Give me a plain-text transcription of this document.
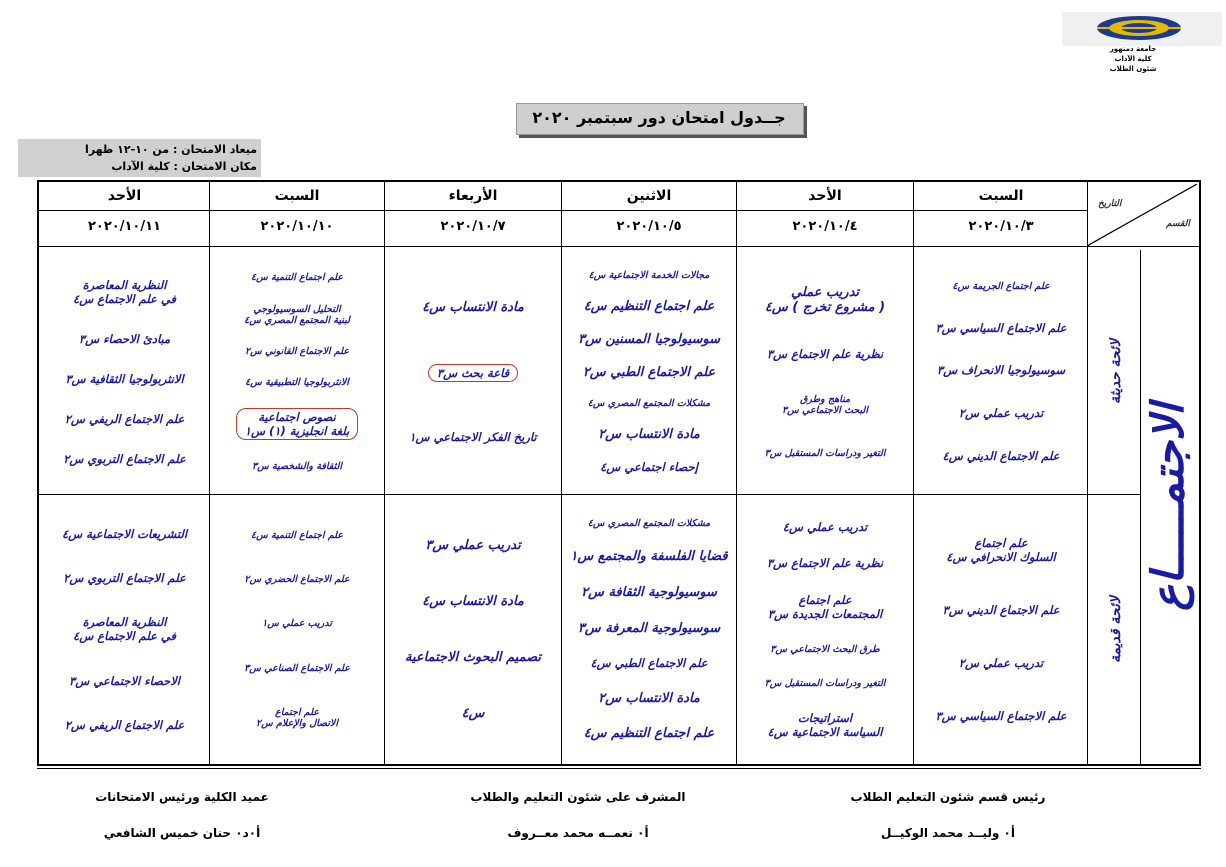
جامعة دمنهور
كلية الآداب
شئون الطلاب
جــدول امتحان دور سبتمبر ٢٠٢٠
ميعاد الامتحان : من ١٠-١٢ ظهرا
مكان الامتحان : كلية الآداب
التاريخ
القسم
الاجتمـــــاع
لائحة حديثة
لائحة قديمة
السبت
٢٠٢٠/١٠/٣
علم اجتماع الجريمة س٤
علم الاجتماع السياسي س٣
سوسيولوجيا الانحراف س٣
تدريب عملي س٢
علم الاجتماع الديني س٤
علم اجتماع
السلوك الانحرافي س٤
علم الاجتماع الديني س٣
تدريب عملي س٢
علم الاجتماع السياسي س٣
الأحد
٢٠٢٠/١٠/٤
تدريب عملي
( مشروع تخرج ) س٤
نظرية علم الاجتماع س٣
مناهج وطرق
البحث الاجتماعي س٣
التغير ودراسات المستقبل س٣
تدريب عملي س٤
نظرية علم الاجتماع س٣
علم اجتماع
المجتمعات الجديدة س٣
طرق البحث الاجتماعي س٣
التغير ودراسات المستقبل س٣
استراتيجات
السياسة الاجتماعية س٤
الاثنين
٢٠٢٠/١٠/٥
مجالات الخدمة الاجتماعية س٤
علم اجتماع التنظيم س٤
سوسيولوجيا المسنين س٣
علم الاجتماع الطبي س٢
مشكلات المجتمع المصري س٤
مادة الانتساب س٢
إحصاء اجتماعي س٤
مشكلات المجتمع المصري س٤
قضايا الفلسفة والمجتمع س١
سوسيولوجية الثقافة س٢
سوسيولوجية المعرفة س٣
علم الاجتماع الطبي س٤
مادة الانتساب س٢
علم اجتماع التنظيم س٤
الأربعاء
٢٠٢٠/١٠/٧
مادة الانتساب س٤
قاعة بحث س٣
تاريخ الفكر الاجتماعي س١
تدريب عملي س٣
مادة الانتساب س٤
تصميم البحوث الاجتماعية
س٤
السبت
٢٠٢٠/١٠/١٠
علم اجتماع التنمية س٤
التحليل السوسيولوجي
لبنية المجتمع المصري س٤
علم الاجتماع القانوني س٢
الانثربولوجيا التطبيقية س٤
نصوص اجتماعية
بلغة انجليزية (١) س١
الثقافة والشخصية س٣
علم اجتماع التنمية س٤
علم الاجتماع الحضري س٢
تدريب عملي س١
علم الاجتماع الصناعي س٣
علم اجتماع
الاتصال والإعلام س٢
الأحد
٢٠٢٠/١٠/١١
النظرية المعاصرة
في علم الاجتماع س٤
مبادئ الاحصاء س٣
الانثربولوجيا الثقافية س٣
علم الاجتماع الريفي س٢
علم الاجتماع التربوي س٢
التشريعات الاجتماعية س٤
علم الاجتماع التربوي س٢
النظرية المعاصرة
في علم الاجتماع س٤
الاحصاء الاجتماعي س٣
علم الاجتماع الريفي س٢
رئيس قسم شئون التعليم الطلاب
أ٠ وليــد محمد الوكيــل
المشرف على شئون التعليم والطلاب
أ٠ نعمــه محمد معــروف
عميد الكلية ورئيس الامتحانات
أ٠د٠ حنان خميس الشافعي
